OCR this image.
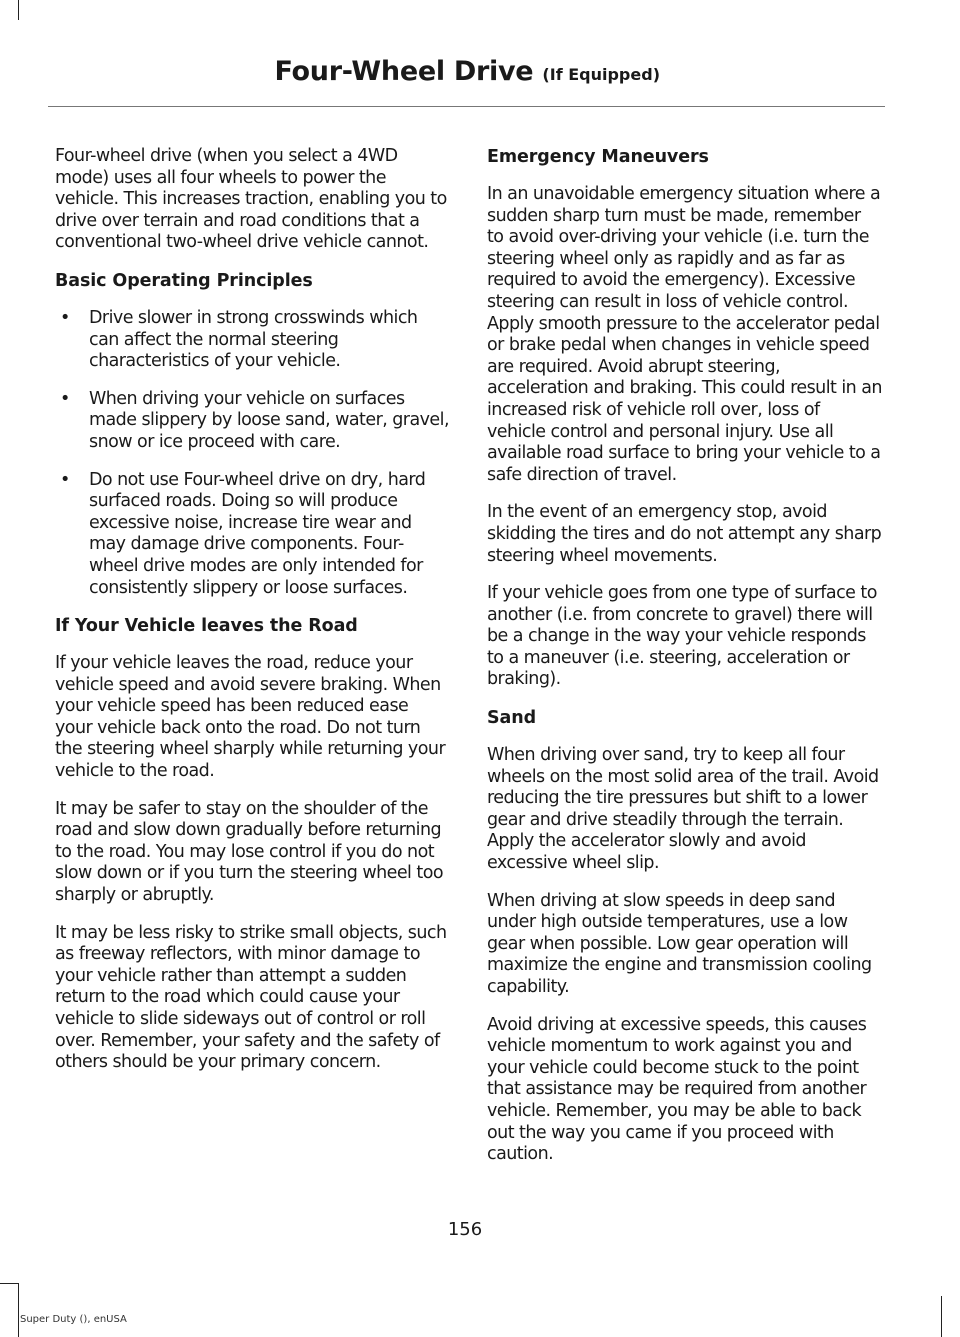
Four-Wheel Drive (If Equipped)

Four-wheel drive (when you select a 4WD mode) uses all four wheels to power the vehicle. This increases traction, enabling you to drive over terrain and road conditions that a conventional two-wheel drive vehicle cannot.

Basic Operating Principles
• Drive slower in strong crosswinds which can affect the normal steering characteristics of your vehicle.
• When driving your vehicle on surfaces made slippery by loose sand, water, gravel, snow or ice proceed with care.
• Do not use Four-wheel drive on dry, hard surfaced roads. Doing so will produce excessive noise, increase tire wear and may damage drive components. Four-wheel drive modes are only intended for consistently slippery or loose surfaces.
If Your Vehicle leaves the Road

If your vehicle leaves the road, reduce your vehicle speed and avoid severe braking. When your vehicle speed has been reduced ease your vehicle back onto the road. Do not turn the steering wheel sharply while returning your vehicle to the road.

It may be safer to stay on the shoulder of the road and slow down gradually before returning to the road. You may lose control if you do not slow down or if you turn the steering wheel too sharply or abruptly.

It may be less risky to strike small objects, such as freeway reflectors, with minor damage to your vehicle rather than attempt a sudden return to the road which could cause your vehicle to slide sideways out of control or roll over. Remember, your safety and the safety of others should be your primary concern.

Emergency Maneuvers

In an unavoidable emergency situation where a sudden sharp turn must be made, remember to avoid over-driving your vehicle (i.e. turn the steering wheel only as rapidly and as far as required to avoid the emergency). Excessive steering can result in loss of vehicle control. Apply smooth pressure to the accelerator pedal or brake pedal when changes in vehicle speed are required. Avoid abrupt steering, acceleration and braking. This could result in an increased risk of vehicle roll over, loss of vehicle control and personal injury. Use all available road surface to bring your vehicle to a safe direction of travel.

In the event of an emergency stop, avoid skidding the tires and do not attempt any sharp steering wheel movements.

If your vehicle goes from one type of surface to another (i.e. from concrete to gravel) there will be a change in the way your vehicle responds to a maneuver (i.e. steering, acceleration or braking).

Sand

When driving over sand, try to keep all four wheels on the most solid area of the trail. Avoid reducing the tire pressures but shift to a lower gear and drive steadily through the terrain. Apply the accelerator slowly and avoid excessive wheel slip.

When driving at slow speeds in deep sand under high outside temperatures, use a low gear when possible. Low gear operation will maximize the engine and transmission cooling capability.

Avoid driving at excessive speeds, this causes vehicle momentum to work against you and your vehicle could become stuck to the point that assistance may be required from another vehicle. Remember, you may be able to back out the way you came if you proceed with caution.

156
Super Duty (), enUSA
